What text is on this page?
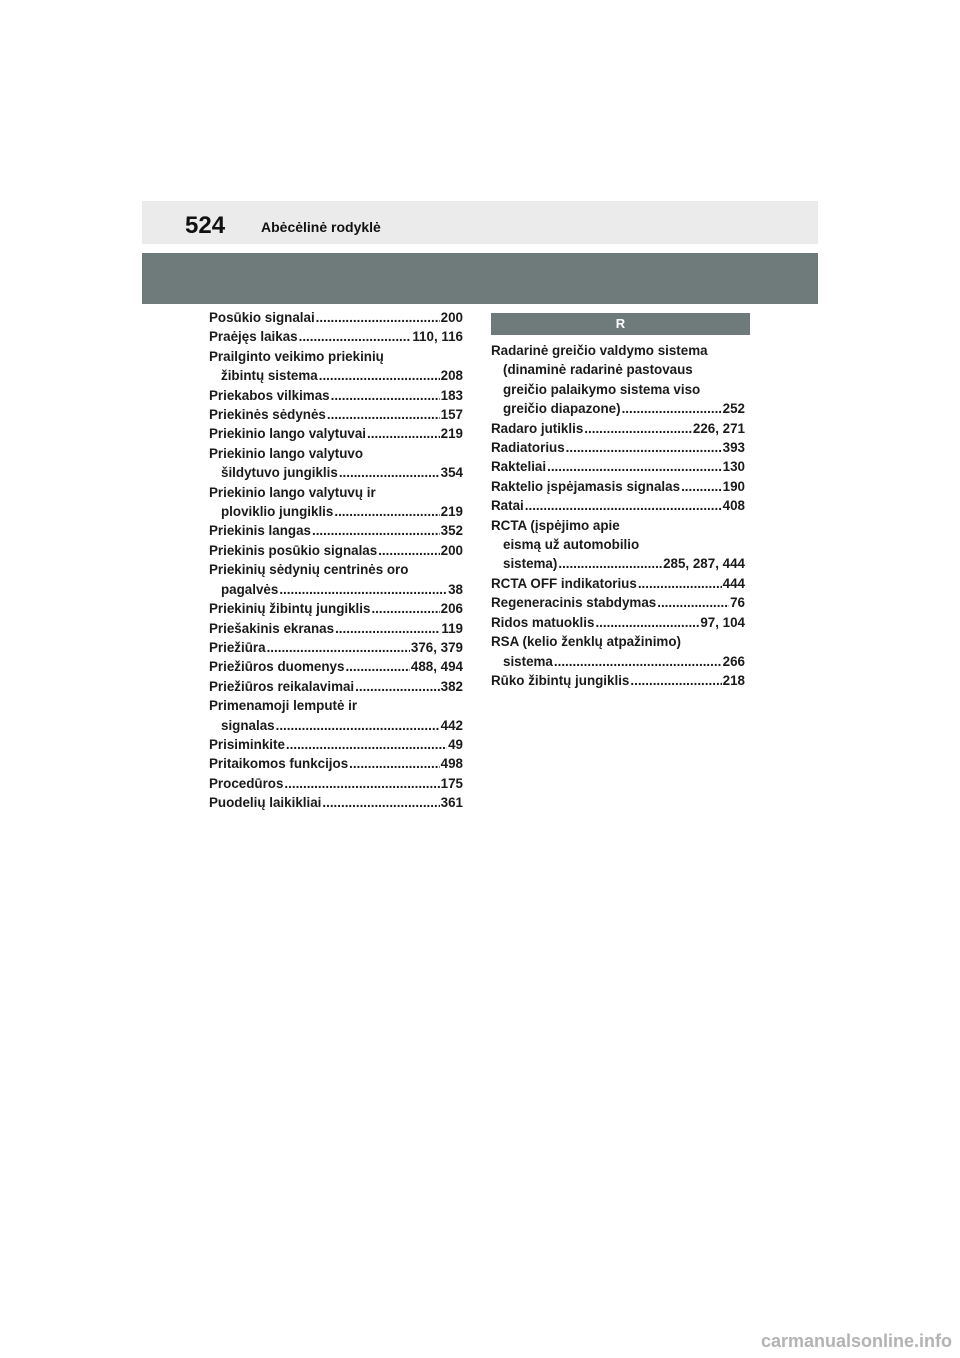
524	Abėcėlinė rodyklė
Posūkio signalai .....	200
Praėjęs laikas .....	110, 116
Prailginto veikimo priekinių
žibintų sistema .....	208
Priekabos vilkimas .....	183
Priekinės sėdynės .....	157
Priekinio lango valytuvai .....	219
Priekinio lango valytuvo
šildytuvo jungiklis .....	354
Priekinio lango valytuvų ir
ploviklio jungiklis .....	219
Priekinis langas .....	352
Priekinis posūkio signalas .....	200
Priekinių sėdynių centrinės oro
pagalvės .....	38
Priekinių žibintų jungiklis .....	206
Priešakinis ekranas .....	119
Priežiūra .....	376, 379
Priežiūros duomenys .....	488, 494
Priežiūros reikalavimai .....	382
Primenamoji lemputė ir
signalas .....	442
Prisiminkite .....	49
Pritaikomos funkcijos .....	498
Procedūros .....	175
Puodelių laikikliai .....	361
R
Radarinė greičio valdymo sistema
(dinaminė radarinė pastovaus
greičio palaikymo sistema viso
greičio diapazone) .....	252
Radaro jutiklis .....	226, 271
Radiatorius .....	393
Rakteliai .....	130
Raktelio įspėjamasis signalas .....	190
Ratai .....	408
RCTA (įspėjimo apie
eismą už automobilio
sistema) .....	285, 287, 444
RCTA OFF indikatorius .....	444
Regeneracinis stabdymas .....	76
Ridos matuoklis .....	97, 104
RSA (kelio ženklų atpažinimo)
sistema .....	266
Rūko žibintų jungiklis .....	218
carmanualsonline.info
